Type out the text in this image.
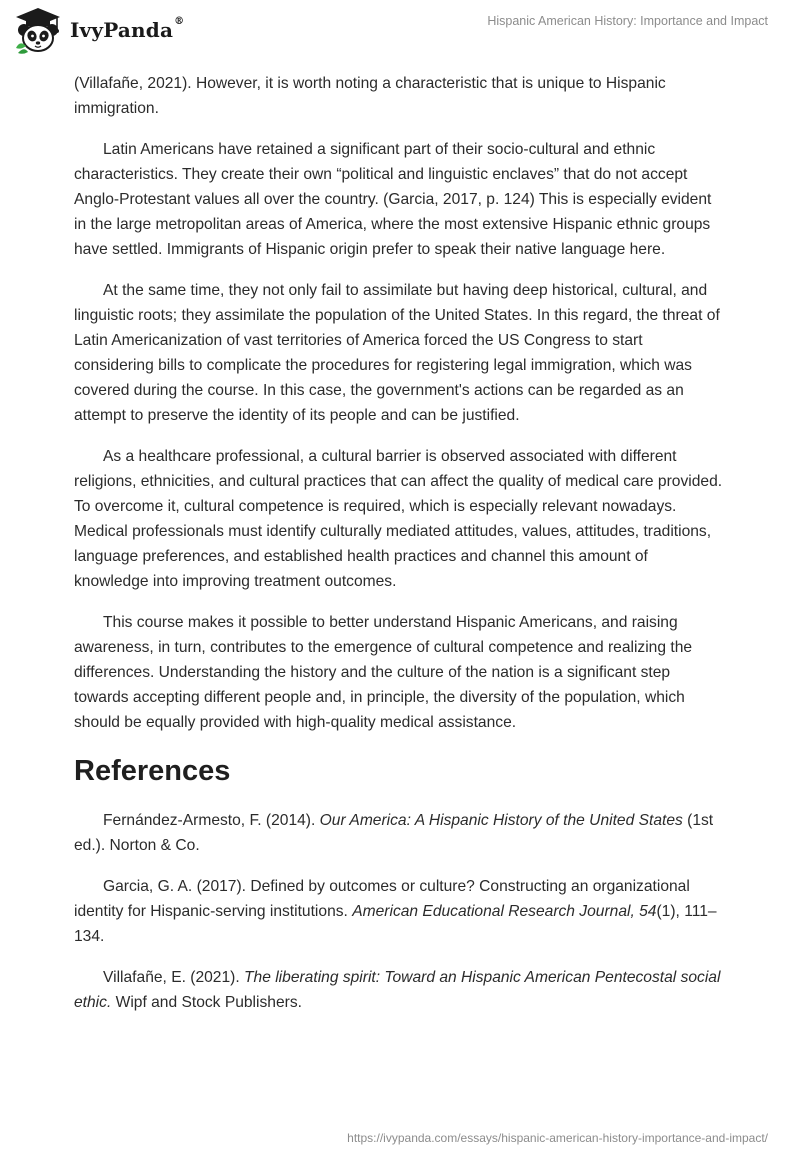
IvyPanda®	Hispanic American History: Importance and Impact

(Villafañe, 2021). However, it is worth noting a characteristic that is unique to Hispanic immigration.

Latin Americans have retained a significant part of their socio-cultural and ethnic characteristics. They create their own “political and linguistic enclaves” that do not accept Anglo-Protestant values all over the country. (Garcia, 2017, p. 124) This is especially evident in the large metropolitan areas of America, where the most extensive Hispanic ethnic groups have settled. Immigrants of Hispanic origin prefer to speak their native language here.

At the same time, they not only fail to assimilate but having deep historical, cultural, and linguistic roots; they assimilate the population of the United States. In this regard, the threat of Latin Americanization of vast territories of America forced the US Congress to start considering bills to complicate the procedures for registering legal immigration, which was covered during the course. In this case, the government's actions can be regarded as an attempt to preserve the identity of its people and can be justified.

As a healthcare professional, a cultural barrier is observed associated with different religions, ethnicities, and cultural practices that can affect the quality of medical care provided. To overcome it, cultural competence is required, which is especially relevant nowadays. Medical professionals must identify culturally mediated attitudes, values, attitudes, traditions, language preferences, and established health practices and channel this amount of knowledge into improving treatment outcomes.

This course makes it possible to better understand Hispanic Americans, and raising awareness, in turn, contributes to the emergence of cultural competence and realizing the differences. Understanding the history and the culture of the nation is a significant step towards accepting different people and, in principle, the diversity of the population, which should be equally provided with high-quality medical assistance.

References

Fernández-Armesto, F. (2014). Our America: A Hispanic History of the United States (1st ed.). Norton & Co.

Garcia, G. A. (2017). Defined by outcomes or culture? Constructing an organizational identity for Hispanic-serving institutions. American Educational Research Journal, 54(1), 111–134.

Villafañe, E. (2021). The liberating spirit: Toward an Hispanic American Pentecostal social ethic. Wipf and Stock Publishers.

https://ivypanda.com/essays/hispanic-american-history-importance-and-impact/
